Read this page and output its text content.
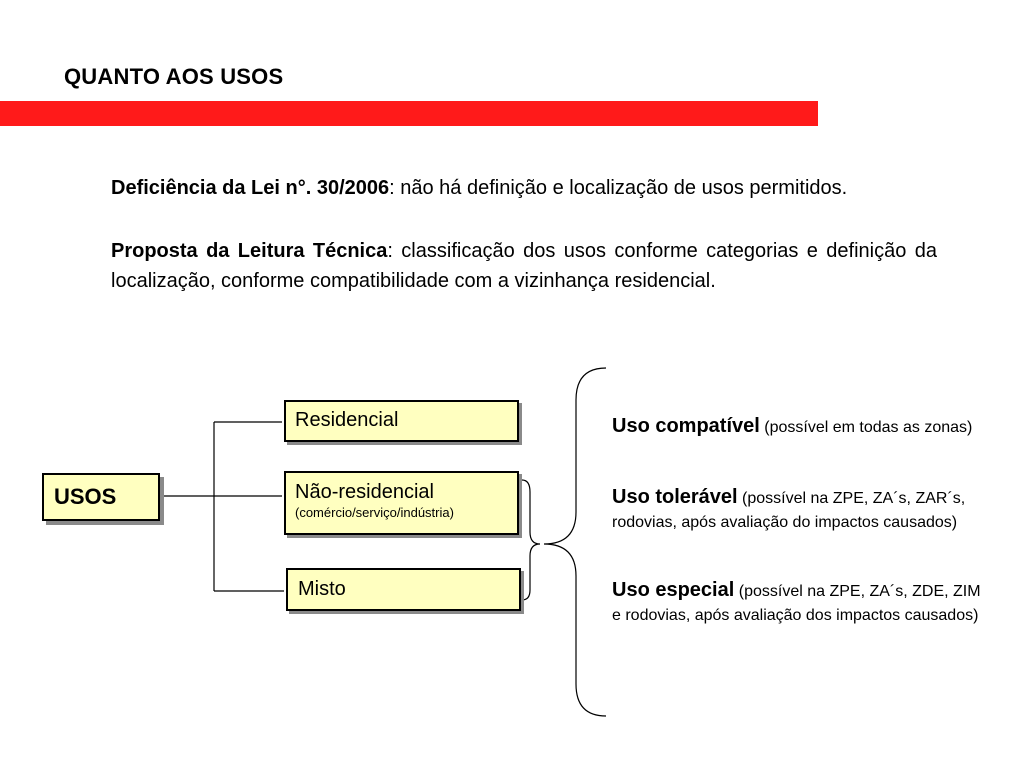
QUANTO AOS USOS
Deficiência da Lei n°. 30/2006: não há definição e localização de usos permitidos.
Proposta da Leitura Técnica: classificação dos usos conforme categorias e definição da localização, conforme compatibilidade com a vizinhança residencial.
USOS
Residencial
Não-residencial
(comércio/serviço/indústria)
Misto
Uso compatível (possível em todas as zonas)
Uso tolerável (possível na ZPE, ZA´s, ZAR´s, rodovias, após avaliação do impactos causados)
Uso especial (possível na ZPE, ZA´s, ZDE, ZIM e rodovias, após avaliação dos impactos causados)
